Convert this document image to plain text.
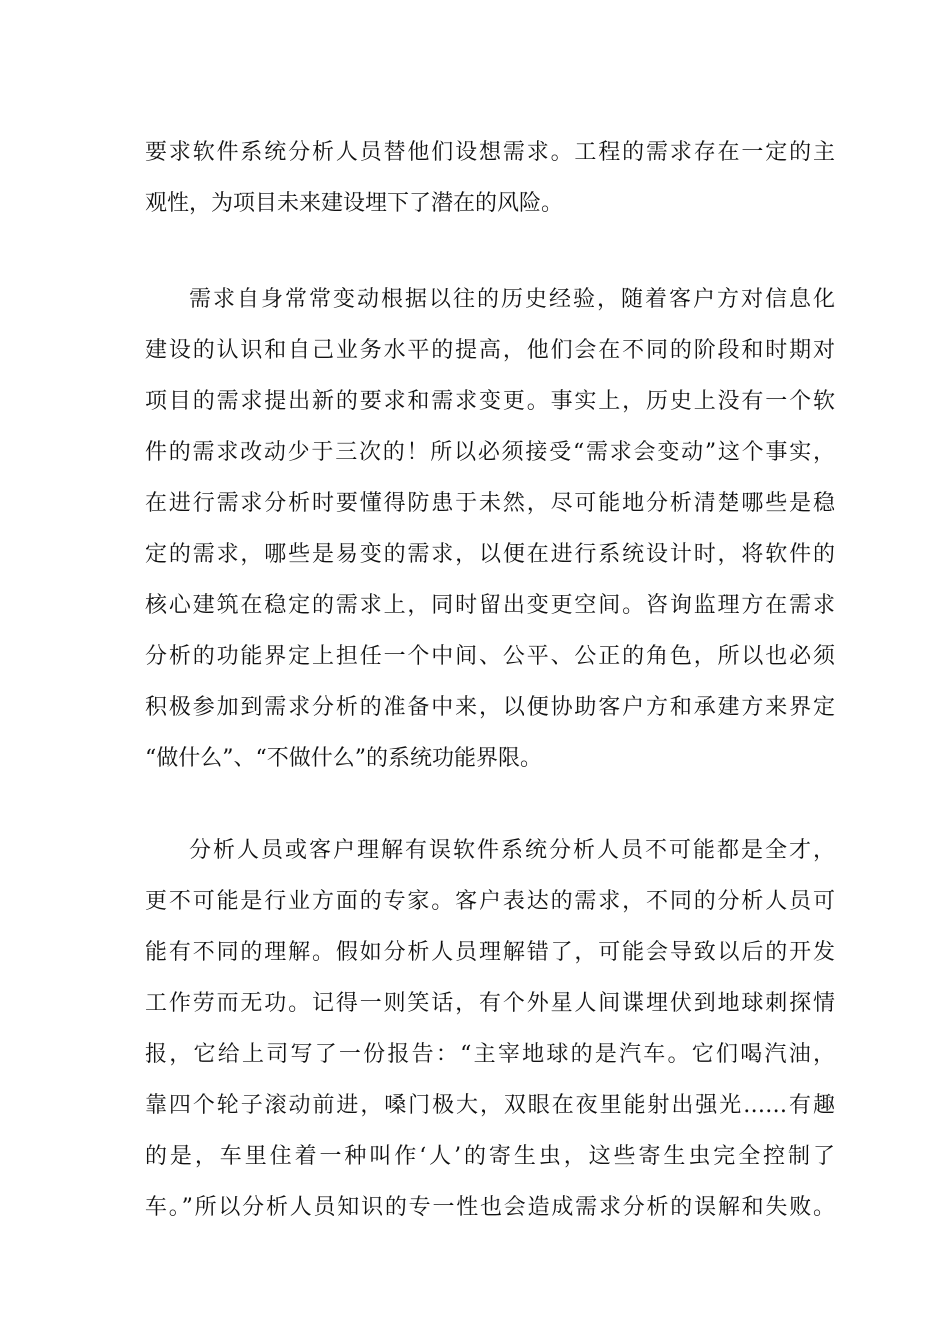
要求软件系统分析人员替他们设想需求。工程的需求存在一定的主
观性，为项目未来建设埋下了潜在的风险。
需求自身常常变动根据以往的历史经验，随着客户方对信息化
建设的认识和自己业务水平的提高，他们会在不同的阶段和时期对
项目的需求提出新的要求和需求变更。事实上，历史上没有一个软
件的需求改动少于三次的！所以必须接受“需求会变动”这个事实，
在进行需求分析时要懂得防患于未然，尽可能地分析清楚哪些是稳
定的需求，哪些是易变的需求，以便在进行系统设计时，将软件的
核心建筑在稳定的需求上，同时留出变更空间。咨询监理方在需求
分析的功能界定上担任一个中间、公平、公正的角色，所以也必须
积极参加到需求分析的准备中来，以便协助客户方和承建方来界定
“做什么”、“不做什么”的系统功能界限。
分析人员或客户理解有误软件系统分析人员不可能都是全才，
更不可能是行业方面的专家。客户表达的需求，不同的分析人员可
能有不同的理解。假如分析人员理解错了，可能会导致以后的开发
工作劳而无功。记得一则笑话，有个外星人间谍埋伏到地球刺探情
报，它给上司写了一份报告：“主宰地球的是汽车。它们喝汽油，
靠四个轮子滚动前进，嗓门极大，双眼在夜里能射出强光……有趣
的是，车里住着一种叫作‘人’的寄生虫，这些寄生虫完全控制了
车。”所以分析人员知识的专一性也会造成需求分析的误解和失败。
